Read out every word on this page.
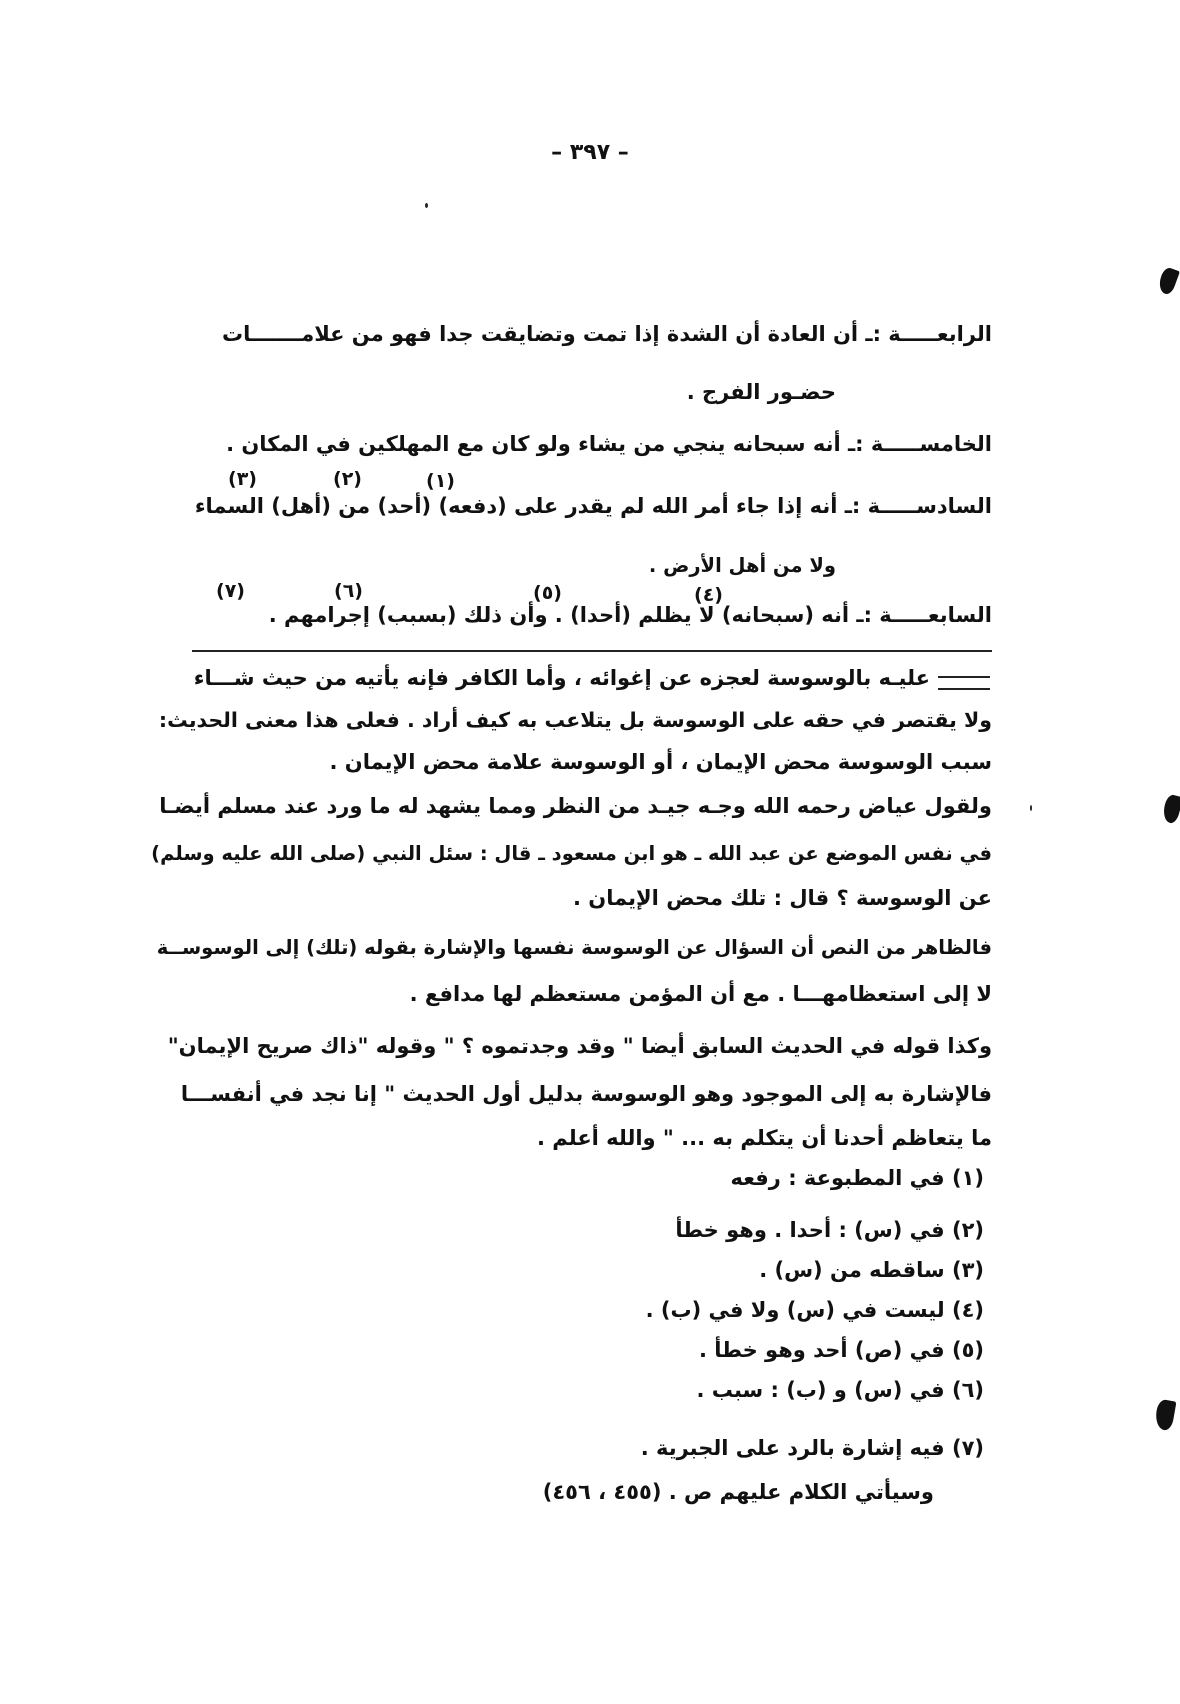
– ٣٩٧ –
الرابعـــــة :ـ أن العادة أن الشدة إذا تمت وتضايقت جدا فهو من علامـــــــات
حضـور الفرج .
الخامســـــة :ـ أنه سبحانه ينجي من يشاء ولو كان مع المهلكين في المكان .
(١)
(٢)
(٣)
السادســـــة :ـ أنه إذا جاء أمر الله لم يقدر على (دفعه) (أحد) من (أهل) السماء
ولا من أهل الأرض .
(٤)
(٥)
(٦)
(٧)
السابعـــــة :ـ أنه (سبحانه) لا يظلم (أحدا) . وأن ذلك (بسبب) إجرامهم .
عليـه بالوسوسة لعجزه عن إغوائه ، وأما الكافر فإنه يأتيه من حيث شـــاء
ولا يقتصر في حقه على الوسوسة بل يتلاعب به كيف أراد . فعلى هذا معنى الحديث:
سبب الوسوسة محض الإيمان ، أو الوسوسة علامة محض الإيمان .
ولقول عياض رحمه الله وجـه جيـد من النظر ومما يشهد له ما ورد عند مسلم أيضـا
في نفس الموضع عن عبد الله ـ هو ابن مسعود ـ قال : سئل النبي (صلى الله عليه وسلم)
عن الوسوسة ؟ قال : تلك محض الإيمان .
فالظاهر من النص أن السؤال عن الوسوسة نفسها والإشارة بقوله (تلك) إلى الوسوســة
لا إلى استعظامهـــا . مع أن المؤمن مستعظم لها مدافع .
وكذا قوله في الحديث السابق أيضا " وقد وجدتموه ؟ " وقوله "ذاك صريح الإيمان"
فالإشارة به إلى الموجود وهو الوسوسة بدليل أول الحديث " إنا نجد في أنفســـا
ما يتعاظم أحدنا أن يتكلم به ... " والله أعلم .
(١) في المطبوعة : رفعه
(٢) في (س) : أحدا . وهو خطأ
(٣) ساقطه من (س) .
(٤) ليست في (س) ولا في (ب) .
(٥) في (ص) أحد وهو خطأ .
(٦) في (س) و (ب) : سبب .
(٧) فيه إشارة بالرد على الجبرية .
وسيأتي الكلام عليهم ص . (٤٥٥ ، ٤٥٦)
